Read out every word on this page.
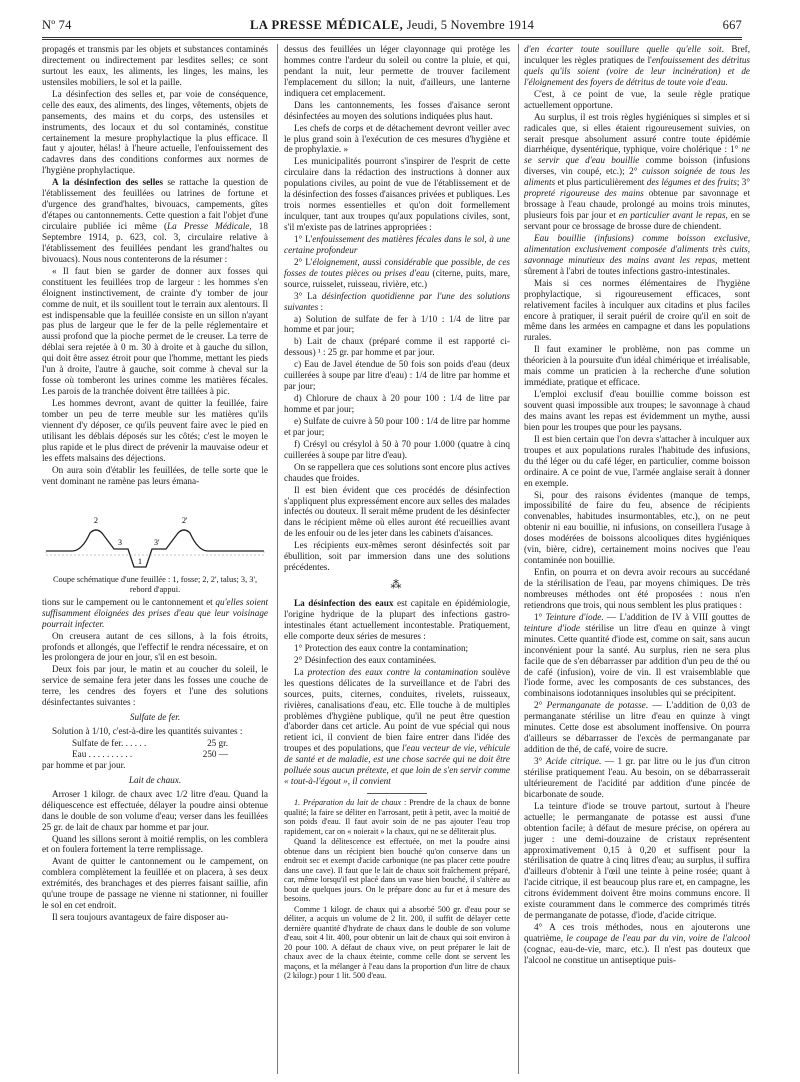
Nº 74	LA PRESSE MÉDICALE, Jeudi, 5 Novembre 1914	667

propagés et transmis par les objets et substances contaminés directement ou indirectement par lesdites selles; ce sont surtout les eaux, les aliments, les linges, les mains, les ustensiles mobiliers, le sol et la paille.

La désinfection des selles et, par voie de conséquence, celle des eaux, des aliments, des linges, vêtements, objets de pansements, des mains et du corps, des ustensiles et instruments, des locaux et du sol contaminés, constitue certainement la mesure prophylactique la plus efficace. Il faut y ajouter, hélas! à l'heure actuelle, l'enfouissement des cadavres dans des conditions conformes aux normes de l'hygiène prophylactique.

A la désinfection des selles se rattache la question de l'établissement des feuillées ou latrines de fortune et d'urgence des grand'haltes, bivouacs, campements, gîtes d'étapes ou cantonnements. Cette question a fait l'objet d'une circulaire publiée ici même (La Presse Médicale, 18 Septembre 1914, p. 623, col. 3, circulaire relative à l'établissement des feuillées pendant les grand'haltes ou bivouacs). Nous nous contenterons de la résumer :

« Il faut bien se garder de donner aux fosses qui constituent les feuillées trop de largeur : les hommes s'en éloignent instinctivement, de crainte d'y tomber de jour comme de nuit, et ils souillent tout le terrain aux alentours. Il est indispensable que la feuillée consiste en un sillon n'ayant pas plus de largeur que le fer de la pelle réglementaire et aussi profond que la pioche permet de le creuser. La terre de déblai sera rejetée à 0 m. 30 à droite et à gauche du sillon, qui doit être assez étroit pour que l'homme, mettant les pieds l'un à droite, l'autre à gauche, soit comme à cheval sur la fosse où tomberont les urines comme les matières fécales. Les parois de la tranchée doivent être taillées à pic.

Les hommes devront, avant de quitter la feuillée, faire tomber un peu de terre meuble sur les matières qu'ils viennent d'y déposer, ce qu'ils peuvent faire avec le pied en utilisant les déblais déposés sur les côtés; c'est le moyen le plus rapide et le plus direct de prévenir la mauvaise odeur et les effets malsains des déjections.

On aura soin d'établir les feuillées, de telle sorte que le vent dominant ne ramène pas leurs émana-

2
3
1
3'
2'

Coupe schématique d'une feuillée : 1, fosse; 2, 2', talus; 3, 3', rebord d'appui.

tions sur le campement ou le cantonnement et qu'elles soient suffisamment éloignées des prises d'eau que leur voisinage pourrait infecter.

On creusera autant de ces sillons, à la fois étroits, profonds et allongés, que l'effectif le rendra nécessaire, et on les prolongera de jour en jour, s'il en est besoin.

Deux fois par jour, le matin et au coucher du soleil, le service de semaine fera jeter dans les fosses une couche de terre, les cendres des foyers et l'une des solutions désinfectantes suivantes :

Sulfate de fer.

Solution à 1/10, c'est-à-dire les quantités suivantes :

Sulfate de fer. . . . . .	25 gr.
Eau . . . . . . . . . .	250 —

par homme et par jour.

Lait de chaux.

Arroser 1 kilogr. de chaux avec 1/2 litre d'eau. Quand la déliquescence est effectuée, délayer la poudre ainsi obtenue dans le double de son volume d'eau; verser dans les feuillées 25 gr. de lait de chaux par homme et par jour.

Quand les sillons seront à moitié remplis, on les comblera et on foulera fortement la terre remplissage.

Avant de quitter le cantonnement ou le campement, on comblera complètement la feuillée et on placera, à ses deux extrémités, des branchages et des pierres faisant saillie, afin qu'une troupe de passage ne vienne ni stationner, ni fouiller le sol en cet endroit.

Il sera toujours avantageux de faire disposer au-

dessus des feuillées un léger clayonnage qui protège les hommes contre l'ardeur du soleil ou contre la pluie, et qui, pendant la nuit, leur permette de trouver facilement l'emplacement du sillon; la nuit, d'ailleurs, une lanterne indiquera cet emplacement.

Dans les cantonnements, les fosses d'aisance seront désinfectées au moyen des solutions indiquées plus haut.

Les chefs de corps et de détachement devront veiller avec le plus grand soin à l'exécution de ces mesures d'hygiène et de prophylaxie. »

Les municipalités pourront s'inspirer de l'esprit de cette circulaire dans la rédaction des instructions à donner aux populations civiles, au point de vue de l'établissement et de la désinfection des fosses d'aisances privées et publiques. Les trois normes essentielles et qu'on doit formellement inculquer, tant aux troupes qu'aux populations civiles, sont, s'il m'existe pas de latrines appropriées :

1° L'enfouissement des matières fécales dans le sol, à une certaine profondeur

2° L'éloignement, aussi considérable que possible, de ces fosses de toutes pièces ou prises d'eau (citerne, puits, mare, source, ruisselet, ruisseau, rivière, etc.)

3° La désinfection quotidienne par l'une des solutions suivantes :

a) Solution de sulfate de fer à 1/10 : 1/4 de litre par homme et par jour;

b) Lait de chaux (préparé comme il est rapporté ci-dessous) ¹ : 25 gr. par homme et par jour.

c) Eau de Javel étendue de 50 fois son poids d'eau (deux cuillerées à soupe par litre d'eau) : 1/4 de litre par homme et par jour;

d) Chlorure de chaux à 20 pour 100 : 1/4 de litre par homme et par jour;

e) Sulfate de cuivre à 50 pour 100 : 1/4 de litre par homme et par jour;

f) Crésyl ou crésylol à 50 à 70 pour 1.000 (quatre à cinq cuillerées à soupe par litre d'eau).

On se rappellera que ces solutions sont encore plus actives chaudes que froides.

Il est bien évident que ces procédés de désinfection s'appliquent plus expressément encore aux selles des malades infectés ou douteux. Il serait même prudent de les désinfecter dans le récipient même où elles auront été recueillies avant de les enfouir ou de les jeter dans les cabinets d'aisances.

Les récipients eux-mêmes seront désinfectés soit par ébullition, soit par immersion dans une des solutions précédentes.

⁂

La désinfection des eaux est capitale en épidémiologie, l'origine hydrique de la plupart des infections gastro-intestinales étant actuellement incontestable. Pratiquement, elle comporte deux séries de mesures :

1° Protection des eaux contre la contamination;

2° Désinfection des eaux contaminées.

La protection des eaux contre la contamination soulève les questions délicates de la surveillance et de l'abri des sources, puits, citernes, conduites, rivelets, ruisseaux, rivières, canalisations d'eau, etc. Elle touche à de multiples problèmes d'hygiène publique, qu'il ne peut être question d'aborder dans cet article. Au point de vue spécial qui nous retient ici, il convient de bien faire entrer dans l'idée des troupes et des populations, que l'eau vecteur de vie, véhicule de santé et de maladie, est une chose sacrée qui ne doit être polluée sous aucun prétexte, et que loin de s'en servir comme « tout-à-l'égout », il convient

1. Préparation du lait de chaux : Prendre de la chaux de bonne qualité; la faire se déliter en l'arrosant, petit à petit, avec la moitié de son poids d'eau. Il faut avoir soin de ne pas ajouter l'eau trop rapidement, car on « noierait » la chaux, qui ne se déliterait plus.

Quand la délitescence est effectuée, on met la poudre ainsi obtenue dans un récipient bien bouché qu'on conserve dans un endroit sec et exempt d'acide carbonique (ne pas placer cette poudre dans une cave). Il faut que le lait de chaux soit fraîchement préparé, car, même lorsqu'il est placé dans un vase bien bouché, il s'altère au bout de quelques jours. On le prépare donc au fur et à mesure des besoins.

Comme 1 kilogr. de chaux qui a absorbé 500 gr. d'eau pour se déliter, a acquis un volume de 2 lit. 200, il suffit de délayer cette dernière quantité d'hydrate de chaux dans le double de son volume d'eau, soit 4 lit. 400, pour obtenir un lait de chaux qui soit environ à 20 pour 100. A défaut de chaux vive, on peut préparer le lait de chaux avec de la chaux éteinte, comme celle dont se servent les maçons, et la mélanger à l'eau dans la proportion d'un litre de chaux (2 kilogr.) pour 1 lit. 500 d'eau.

d'en écarter toute souillure quelle qu'elle soit. Bref, inculquer les règles pratiques de l'enfouissement des détritus quels qu'ils soient (voire de leur incinération) et de l'éloignement des foyers de détritus de toute voie d'eau.

C'est, à ce point de vue, la seule règle pratique actuellement opportune.

Au surplus, il est trois règles hygiéniques si simples et si radicales que, si elles étaient rigoureusement suivies, on serait presque absolument assuré contre toute épidémie diarrhéique, dysentérique, typhique, voire cholérique : 1° ne se servir que d'eau bouillie comme boisson (infusions diverses, vin coupé, etc.); 2° cuisson soignée de tous les aliments et plus particulièrement des légumes et des fruits; 3° propreté rigoureuse des mains obtenue par savonnage et brossage à l'eau chaude, prolongé au moins trois minutes, plusieurs fois par jour et en particulier avant le repas, en se servant pour ce brossage de brosse dure de chiendent.

Eau bouillie (infusions) comme boisson exclusive, alimentation exclusivement composée d'aliments très cuits, savonnage minutieux des mains avant les repas, mettent sûrement à l'abri de toutes infections gastro-intestinales.

Mais si ces normes élémentaires de l'hygiène prophylactique, si rigoureusement efficaces, sont relativement faciles à inculquer aux citadins et plus faciles encore à pratiquer, il serait puéril de croire qu'il en soit de même dans les armées en campagne et dans les populations rurales.

Il faut examiner le problème, non pas comme un théoricien à la poursuite d'un idéal chimérique et irréalisable, mais comme un praticien à la recherche d'une solution immédiate, pratique et efficace.

L'emploi exclusif d'eau bouillie comme boisson est souvent quasi impossible aux troupes; le savonnage à chaud des mains avant les repas est évidemment un mythe, aussi bien pour les troupes que pour les paysans.

Il est bien certain que l'on devra s'attacher à inculquer aux troupes et aux populations rurales l'habitude des infusions, du thé léger ou du café léger, en particulier, comme boisson ordinaire. A ce point de vue, l'armée anglaise serait à donner en exemple.

Si, pour des raisons évidentes (manque de temps, impossibilité de faire du feu, absence de récipients convenables, habitudes insurmontables, etc.), on ne peut obtenir ni eau bouillie, ni infusions, on conseillera l'usage à doses modérées de boissons alcooliques dites hygiéniques (vin, bière, cidre), certainement moins nocives que l'eau contaminée non bouillie.

Enfin, on pourra et on devra avoir recours au succédané de la stérilisation de l'eau, par moyens chimiques. De très nombreuses méthodes ont été proposées : nous n'en retiendrons que trois, qui nous semblent les plus pratiques :

1° Teinture d'iode. — L'addition de IV à VIII gouttes de teinture d'iode stérilise un litre d'eau en quinze à vingt minutes. Cette quantité d'iode est, comme on sait, sans aucun inconvénient pour la santé. Au surplus, rien ne sera plus facile que de s'en débarrasser par addition d'un peu de thé ou de café (infusion), voire de vin. Il est vraisemblable que l'iode forme, avec les composants de ces substances, des combinaisons iodotanniques insolubles qui se précipitent.

2° Permanganate de potasse. — L'addition de 0,03 de permanganate stérilise un litre d'eau en quinze à vingt minutes. Cette dose est absolument inoffensive. On pourra d'ailleurs se débarrasser de l'excès de permanganate par addition de thé, de café, voire de sucre.

3° Acide citrique. — 1 gr. par litre ou le jus d'un citron stérilise pratiquement l'eau. Au besoin, on se débarrasserait ultérieurement de l'acidité par addition d'une pincée de bicarbonate de soude.

La teinture d'iode se trouve partout, surtout à l'heure actuelle; le permanganate de potasse est aussi d'une obtention facile; à défaut de mesure précise, on opérera au juger : une demi-douzaine de cristaux représentent approximativement 0,15 à 0,20 et suffisent pour la stérilisation de quatre à cinq litres d'eau; au surplus, il suffira d'ailleurs d'obtenir à l'œil une teinte à peine rosée; quant à l'acide citrique, il est beaucoup plus rare et, en campagne, les citrons évidemment doivent être moins communs encore. Il existe couramment dans le commerce des comprimés titrés de permanganate de potasse, d'iode, d'acide citrique.

4° A ces trois méthodes, nous en ajouterons une quatrième, le coupage de l'eau par du vin, voire de l'alcool (cognac, eau-de-vie, marc, etc.). Il n'est pas douteux que l'alcool ne constitue un antiseptique puis-
